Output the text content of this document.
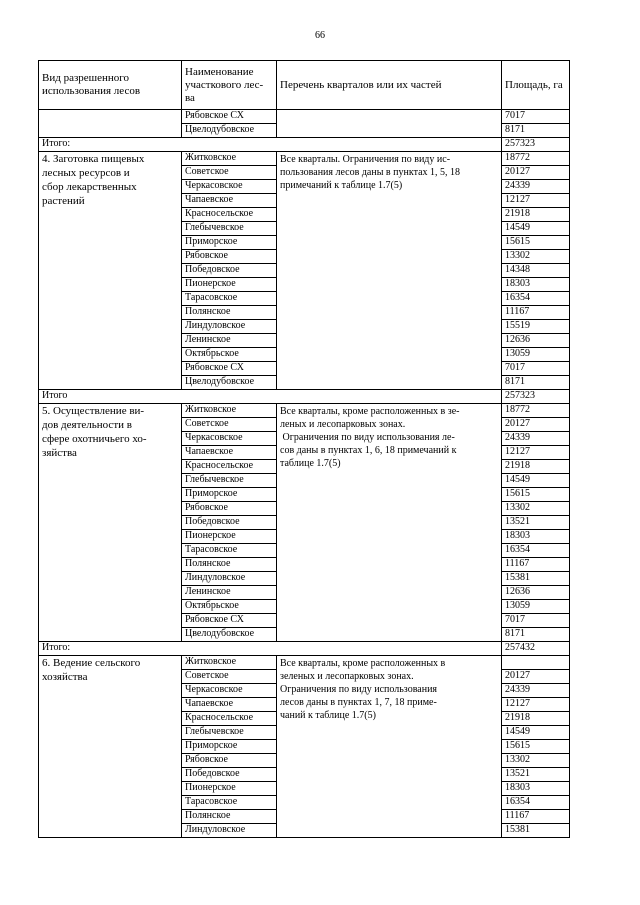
66
Вид разрешенного использования лесов	Наименование участкового лес-ва	Перечень кварталов или их частей	Площадь, га
	Рябовское СХ		7017
	Цвелодубовское		8171
Итого:			257323

4. Заготовка пищевых
лесных ресурсов и
сбор лекарственных
растений	Житковское	Все кварталы. Ограничения по виду ис-
пользования лесов даны в пунктах 1, 5, 18
примечаний к таблице 1.7(5)	18772
	Советское		20127
	Черкасовское		24339
	Чапаевское		12127
	Красносельское		21918
	Глебычевское		14549
	Приморское		15615
	Рябовское		13302
	Победовское		14348
	Пионерское		18303
	Тарасовское		16354
	Полянское		11167
	Линдуловское		15519
	Ленинское		12636
	Октябрьское		13059
	Рябовское СХ		7017
	Цвелодубовское		8171
Итого			257323

5. Осуществление ви-
дов деятельности в
сфере охотничьего хо-
зяйства	Житковское	Все кварталы, кроме расположенных в зе-
леных и лесопарковых зонах.
Ограничения по виду использования ле-
сов даны в пунктах 1, 6, 18 примечаний к
таблице 1.7(5)	18772
	Советское		20127
	Черкасовское		24339
	Чапаевское		12127
	Красносельское		21918
	Глебычевское		14549
	Приморское		15615
	Рябовское		13302
	Победовское		13521
	Пионерское		18303
	Тарасовское		16354
	Полянское		11167
	Линдуловское		15381
	Ленинское		12636
	Октябрьское		13059
	Рябовское СХ		7017
	Цвелодубовское		8171
Итого:			257432

6. Ведение сельского
хозяйства	Житковское	Все кварталы, кроме расположенных в
зеленых и лесопарковых зонах.
Ограничения по виду использования
лесов даны в пунктах 1, 7, 18 приме-
чаний к таблице 1.7(5)	

	Советское		20127
	Черкасовское		24339
	Чапаевское		12127
	Красносельское		21918
	Глебычевское		14549
	Приморское		15615
	Рябовское		13302
	Победовское		13521
	Пионерское		18303
	Тарасовское		16354
	Полянское		11167
	Линдуловское		15381
